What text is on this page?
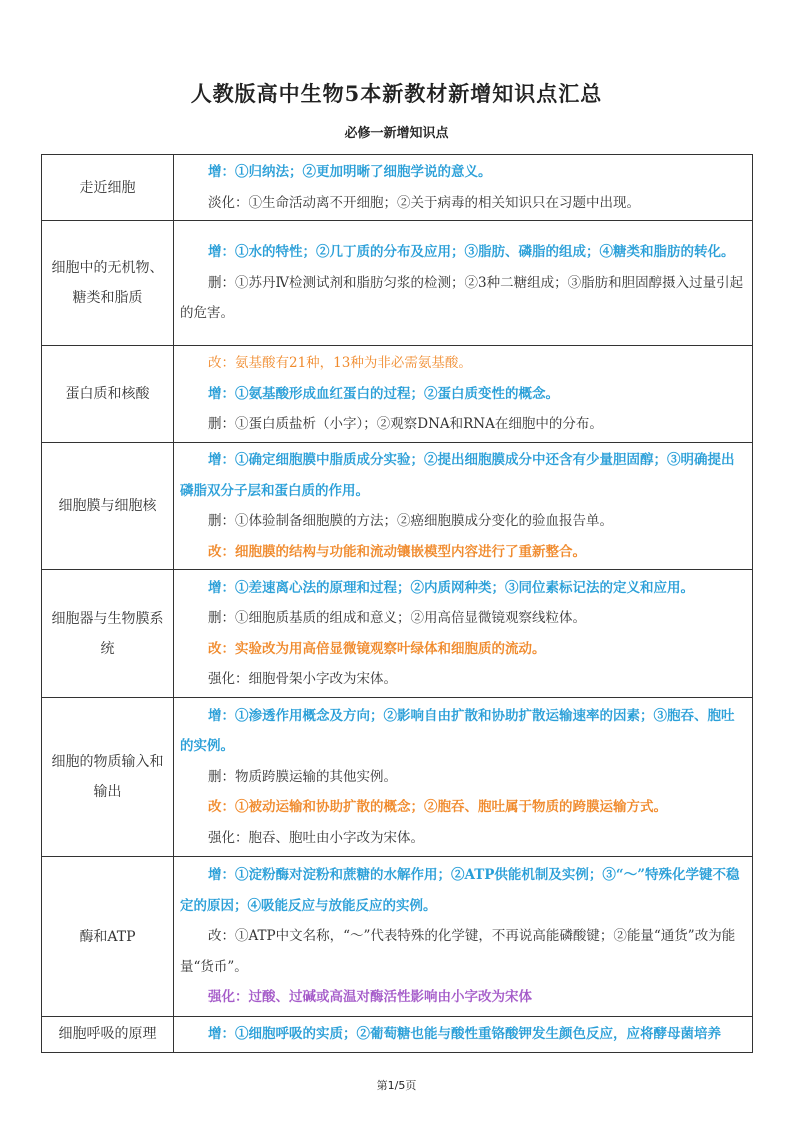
人教版高中生物5本新教材新增知识点汇总
必修一新增知识点
走近细胞	增：①归纳法；②更加明晰了细胞学说的意义。

淡化：①生命活动离不开细胞；②关于病毒的相关知识只在习题中出现。

细胞中的无机物、糖类和脂质	增：①水的特性；②几丁质的分布及应用；③脂肪、磷脂的组成；④糖类和脂肪的转化。

删：①苏丹Ⅳ检测试剂和脂肪匀浆的检测；②3种二糖组成；③脂肪和胆固醇摄入过量引起的危害。

蛋白质和核酸	改：氨基酸有21种，13种为非必需氨基酸。

增：①氨基酸形成血红蛋白的过程；②蛋白质变性的概念。

删：①蛋白质盐析（小字）；②观察DNA和RNA在细胞中的分布。

细胞膜与细胞核	增：①确定细胞膜中脂质成分实验；②提出细胞膜成分中还含有少量胆固醇；③明确提出磷脂双分子层和蛋白质的作用。

删：①体验制备细胞膜的方法；②癌细胞膜成分变化的验血报告单。

改：细胞膜的结构与功能和流动镶嵌模型内容进行了重新整合。

细胞器与生物膜系统	增：①差速离心法的原理和过程；②内质网种类；③同位素标记法的定义和应用。

删：①细胞质基质的组成和意义；②用高倍显微镜观察线粒体。

改：实验改为用高倍显微镜观察叶绿体和细胞质的流动。

强化：细胞骨架小字改为宋体。

细胞的物质输入和输出	增：①渗透作用概念及方向；②影响自由扩散和协助扩散运输速率的因素；③胞吞、胞吐的实例。

删：物质跨膜运输的其他实例。

改：①被动运输和协助扩散的概念；②胞吞、胞吐属于物质的跨膜运输方式。

强化：胞吞、胞吐由小字改为宋体。

酶和ATP	增：①淀粉酶对淀粉和蔗糖的水解作用；②ATP供能机制及实例；③“～”特殊化学键不稳定的原因；④吸能反应与放能反应的实例。

改：①ATP中文名称，“～”代表特殊的化学键，不再说高能磷酸键；②能量“通货”改为能量“货币”。

强化：过酸、过碱或高温对酶活性影响由小字改为宋体

细胞呼吸的原理	增：①细胞呼吸的实质；②葡萄糖也能与酸性重铬酸钾发生颜色反应，应将酵母菌培养

第1/5页
